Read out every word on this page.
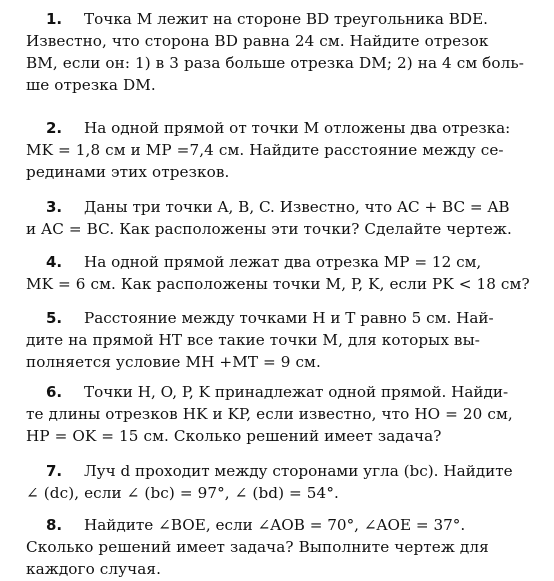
1. Точка M лежит на стороне BD треугольника BDE.
Известно, что сторона BD равна 24 см. Найдите отрезок
BM, если он: 1) в 3 раза больше отрезка DM; 2) на 4 см боль-
ше отрезка DM.
2. На одной прямой от точки M отложены два отрезка:
MK = 1,8 см и MP =7,4 см. Найдите расстояние между се-
рединами этих отрезков.
3. Даны три точки A, B, C. Известно, что AC + BC = AB
и AC = BC. Как расположены эти точки? Сделайте чертеж.
4. На одной прямой лежат два отрезка MP = 12 см,
MK = 6 см. Как расположены точки M, P, K, если PK < 18 см?
5. Расстояние между точками H и T равно 5 см. Най-
дите на прямой HT все такие точки M, для которых вы-
полняется условие MH +MT = 9 см.
6. Точки H, O, P, K принадлежат одной прямой. Найди-
те длины отрезков HK и KP, если известно, что HO = 20 см,
HP = OK = 15 см. Сколько решений имеет задача?
7. Луч d проходит между сторонами угла (bc). Найдите
∠ (dc), если ∠ (bc) = 97°, ∠ (bd) = 54°.
8. Найдите ∠BOE, если ∠AOB = 70°, ∠AOE = 37°.
Сколько решений имеет задача? Выполните чертеж для
каждого случая.
